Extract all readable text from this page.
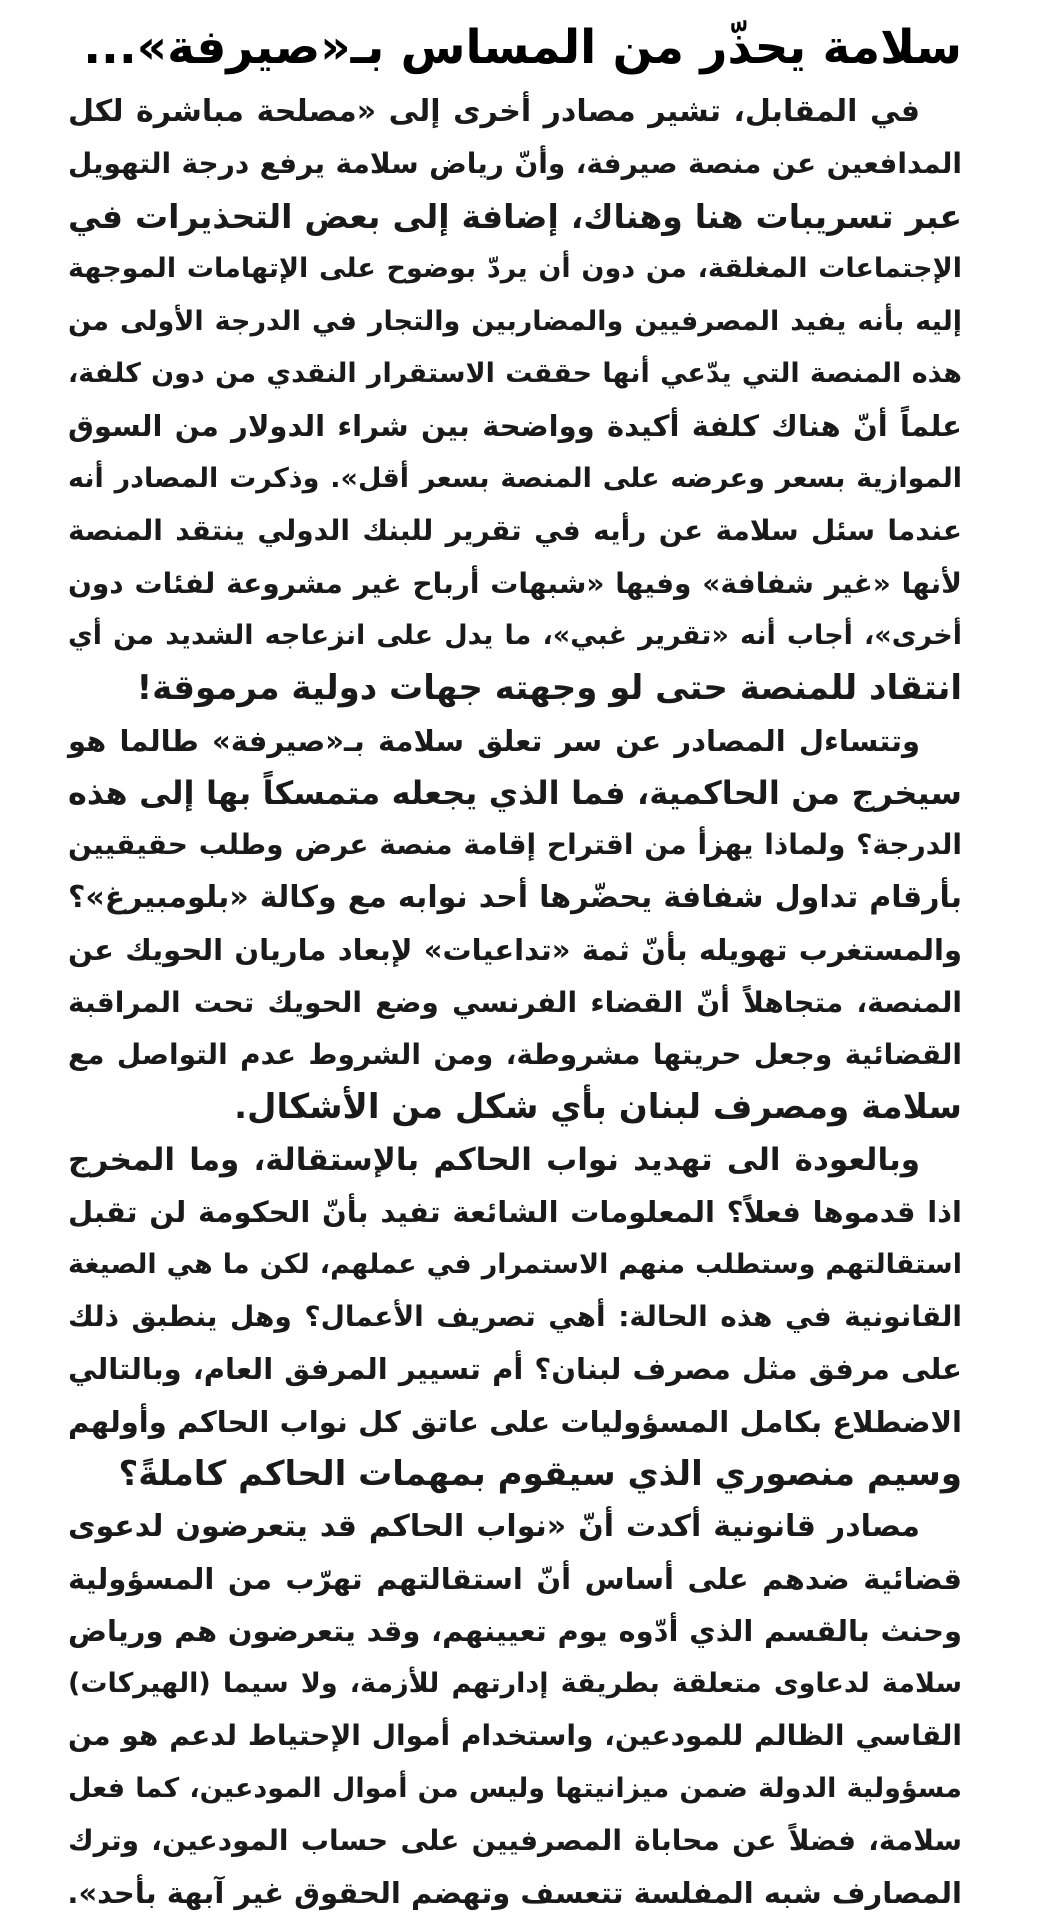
سلامة يحذّر من المساس بـ«صيرفة»...
في المقابل، تشير مصادر أخرى إلى «مصلحة مباشرة لكل
المدافعين عن منصة صيرفة، وأنّ رياض سلامة يرفع درجة التهويل
عبر تسريبات هنا وهناك، إضافة إلى بعض التحذيرات في
الإجتماعات المغلقة، من دون أن يردّ بوضوح على الإتهامات الموجهة
إليه بأنه يفيد المصرفيين والمضاربين والتجار في الدرجة الأولى من
هذه المنصة التي يدّعي أنها حققت الاستقرار النقدي من دون كلفة،
علماً أنّ هناك كلفة أكيدة وواضحة بين شراء الدولار من السوق
الموازية بسعر وعرضه على المنصة بسعر أقل». وذكرت المصادر أنه
عندما سئل سلامة عن رأيه في تقرير للبنك الدولي ينتقد المنصة
لأنها «غير شفافة» وفيها «شبهات أرباح غير مشروعة لفئات دون
أخرى»، أجاب أنه «تقرير غبي»، ما يدل على انزعاجه الشديد من أي
انتقاد للمنصة حتى لو وجهته جهات دولية مرموقة!
وتتساءل المصادر عن سر تعلق سلامة بـ«صيرفة» طالما هو
سيخرج من الحاكمية، فما الذي يجعله متمسكاً بها إلى هذه
الدرجة؟ ولماذا يهزأ من اقتراح إقامة منصة عرض وطلب حقيقيين
بأرقام تداول شفافة يحضّرها أحد نوابه مع وكالة «بلومبيرغ»؟
والمستغرب تهويله بأنّ ثمة «تداعيات» لإبعاد ماريان الحويك عن
المنصة، متجاهلاً أنّ القضاء الفرنسي وضع الحويك تحت المراقبة
القضائية وجعل حريتها مشروطة، ومن الشروط عدم التواصل مع
سلامة ومصرف لبنان بأي شكل من الأشكال.
وبالعودة الى تهديد نواب الحاكم بالإستقالة، وما المخرج
اذا قدموها فعلاً؟ المعلومات الشائعة تفيد بأنّ الحكومة لن تقبل
استقالتهم وستطلب منهم الاستمرار في عملهم، لكن ما هي الصيغة
القانونية في هذه الحالة: أهي تصريف الأعمال؟ وهل ينطبق ذلك
على مرفق مثل مصرف لبنان؟ أم تسيير المرفق العام، وبالتالي
الاضطلاع بكامل المسؤوليات على عاتق كل نواب الحاكم وأولهم
وسيم منصوري الذي سيقوم بمهمات الحاكم كاملةً؟
مصادر قانونية أكدت أنّ «نواب الحاكم قد يتعرضون لدعوى
قضائية ضدهم على أساس أنّ استقالتهم تهرّب من المسؤولية
وحنث بالقسم الذي أدّوه يوم تعيينهم، وقد يتعرضون هم ورياض
سلامة لدعاوى متعلقة بطريقة إدارتهم للأزمة، ولا سيما (الهيركات)
القاسي الظالم للمودعين، واستخدام أموال الإحتياط لدعم هو من
مسؤولية الدولة ضمن ميزانيتها وليس من أموال المودعين، كما فعل
سلامة، فضلاً عن محاباة المصرفيين على حساب المودعين، وترك
المصارف شبه المفلسة تتعسف وتهضم الحقوق غير آبهة بأحد».
